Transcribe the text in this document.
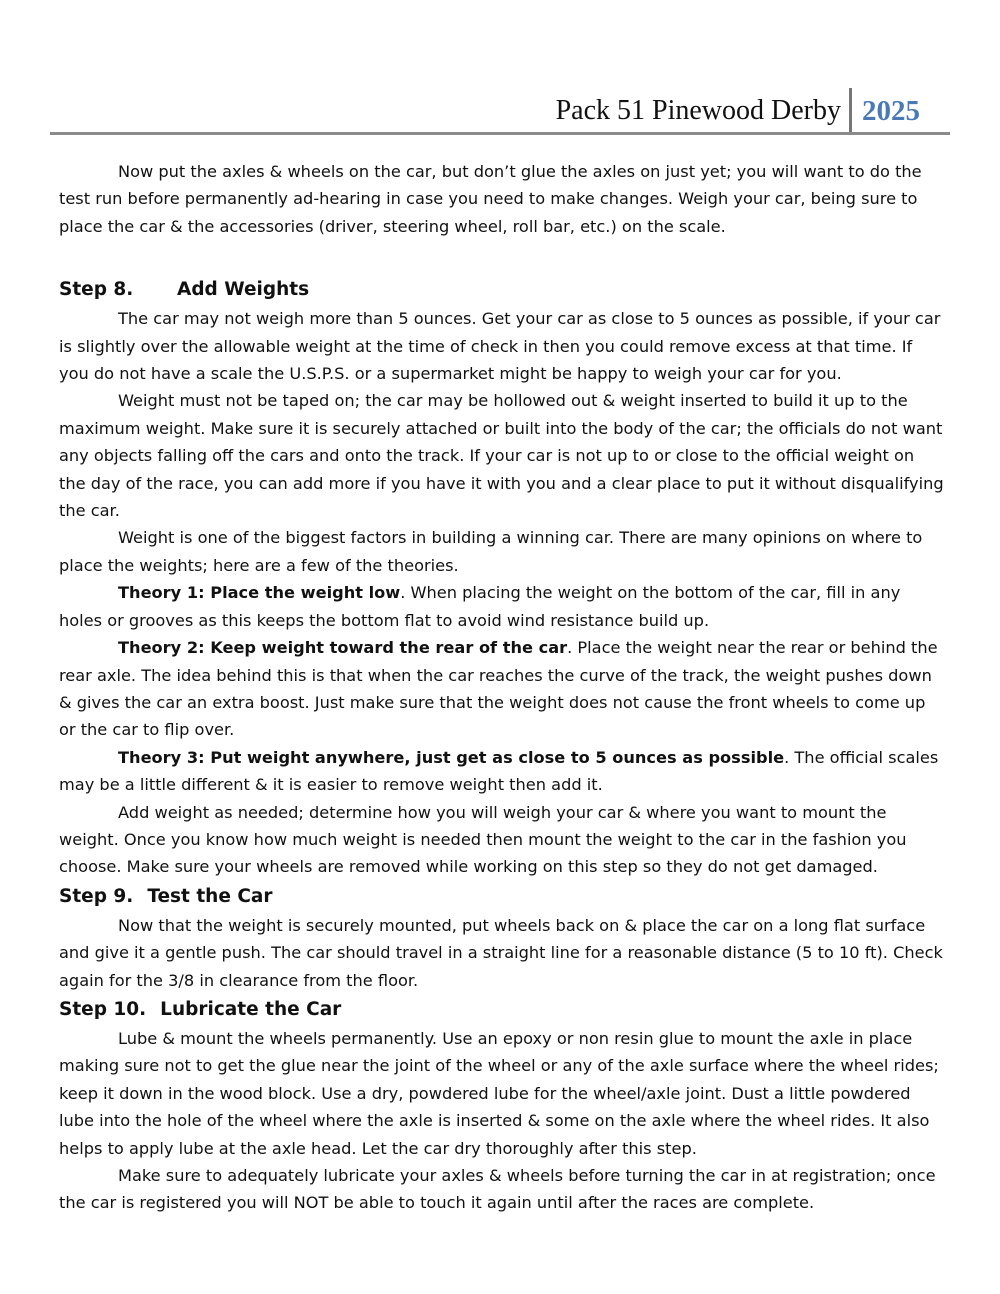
Pack 51 Pinewood Derby 2025

Now put the axles & wheels on the car, but don’t glue the axles on just yet; you will want to do the test run before permanently ad-hearing in case you need to make changes. Weigh your car, being sure to place the car & the accessories (driver, steering wheel, roll bar, etc.) on the scale.

Step 8. Add Weights

The car may not weigh more than 5 ounces. Get your car as close to 5 ounces as possible, if your car is slightly over the allowable weight at the time of check in then you could remove excess at that time. If you do not have a scale the U.S.P.S. or a supermarket might be happy to weigh your car for you.

Weight must not be taped on; the car may be hollowed out & weight inserted to build it up to the maximum weight. Make sure it is securely attached or built into the body of the car; the officials do not want any objects falling off the cars and onto the track. If your car is not up to or close to the official weight on the day of the race, you can add more if you have it with you and a clear place to put it without disqualifying the car.

Weight is one of the biggest factors in building a winning car. There are many opinions on where to place the weights; here are a few of the theories.

Theory 1: Place the weight low. When placing the weight on the bottom of the car, fill in any holes or grooves as this keeps the bottom flat to avoid wind resistance build up.

Theory 2: Keep weight toward the rear of the car. Place the weight near the rear or behind the rear axle. The idea behind this is that when the car reaches the curve of the track, the weight pushes down & gives the car an extra boost. Just make sure that the weight does not cause the front wheels to come up or the car to flip over.

Theory 3: Put weight anywhere, just get as close to 5 ounces as possible. The official scales may be a little different & it is easier to remove weight then add it.

Add weight as needed; determine how you will weigh your car & where you want to mount the weight. Once you know how much weight is needed then mount the weight to the car in the fashion you choose. Make sure your wheels are removed while working on this step so they do not get damaged.

Step 9. Test the Car

Now that the weight is securely mounted, put wheels back on & place the car on a long flat surface and give it a gentle push. The car should travel in a straight line for a reasonable distance (5 to 10 ft). Check again for the 3/8 in clearance from the floor.

Step 10. Lubricate the Car

Lube & mount the wheels permanently. Use an epoxy or non resin glue to mount the axle in place making sure not to get the glue near the joint of the wheel or any of the axle surface where the wheel rides; keep it down in the wood block. Use a dry, powdered lube for the wheel/axle joint. Dust a little powdered lube into the hole of the wheel where the axle is inserted & some on the axle where the wheel rides. It also helps to apply lube at the axle head. Let the car dry thoroughly after this step.

Make sure to adequately lubricate your axles & wheels before turning the car in at registration; once the car is registered you will NOT be able to touch it again until after the races are complete.
